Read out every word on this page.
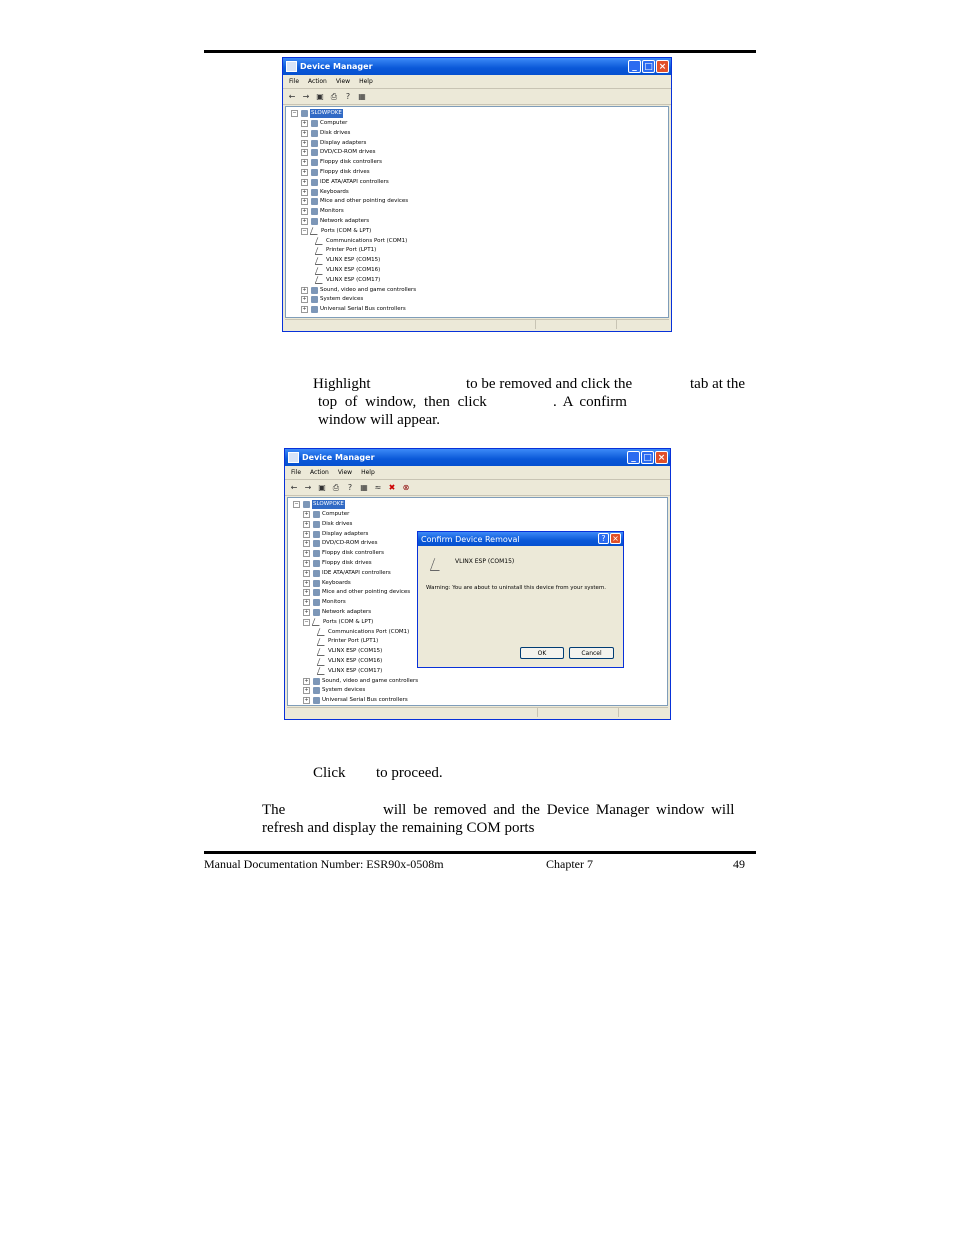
Device Manager	_ □ ×
File Action View Help
← → ▣ ⎙	?	▦
−	SLOWPOKE
+ Computer
+ Disk drives
+ Display adapters
+ DVD/CD-ROM drives
+ Floppy disk controllers
+ Floppy disk drives
+ IDE ATA/ATAPI controllers
+ Keyboards
+ Mice and other pointing devices
+ Monitors
+ Network adapters
−	Ports (COM & LPT)
Communications Port (COM1)
Printer Port (LPT1)
VLINX ESP (COM15)
VLINX ESP (COM16)
VLINX ESP (COM17)
+ Sound, video and game controllers
+ System devices
+ Universal Serial Bus controllers
Highlight	to be removed and click the	tab at the
top of window, then click	. A confirm
window will appear.
Device Manager	_ □ ×
File Action View Help
← → ▣ ⎙	?	▦ ≈ ✖ ⊗
−	SLOWPOKE
+ Computer
+ Disk drives
+ Display adapters
+ DVD/CD-ROM drives
+ Floppy disk controllers
+ Floppy disk drives
+ IDE ATA/ATAPI controllers
+ Keyboards
+ Mice and other pointing devices
+ Monitors
+ Network adapters
−	Ports (COM & LPT)
Communications Port (COM1)
Printer Port (LPT1)
VLINX ESP (COM15)
VLINX ESP (COM16)
VLINX ESP (COM17)
+ Sound, video and game controllers
+ System devices
+ Universal Serial Bus controllers
Confirm Device Removal	? ×
VLINX ESP (COM15)
Warning: You are about to uninstall this device from your system.
OK	Cancel
Click to proceed.
The	will be removed and the Device Manager window will
refresh and display the remaining COM ports
Manual Documentation Number: ESR90x-0508m	Chapter 7	49
